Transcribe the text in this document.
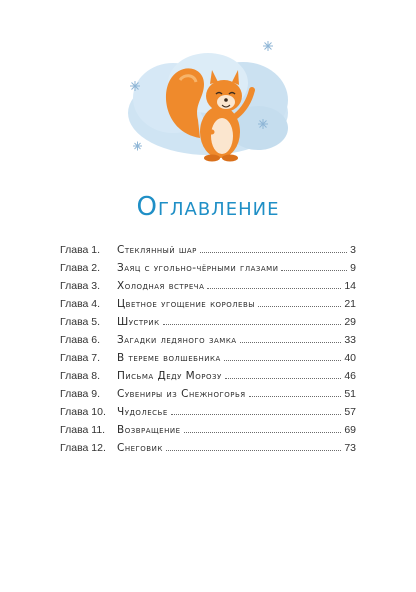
Оглавление
Глава 1.	Стеклянный шар	3
Глава 2.	Заяц с угольно-чёрными глазами	9
Глава 3.	Холодная встреча	14
Глава 4.	Цветное угощение королевы	21
Глава 5.	Шустрик	29
Глава 6.	Загадки ледяного замка	33
Глава 7.	В тереме волшебника	40
Глава 8.	Письма Деду Морозу	46
Глава 9.	Сувениры из Снежногорья	51
Глава 10.	Чудолесье	57
Глава 11.	Возвращение	69
Глава 12.	Снеговик	73
